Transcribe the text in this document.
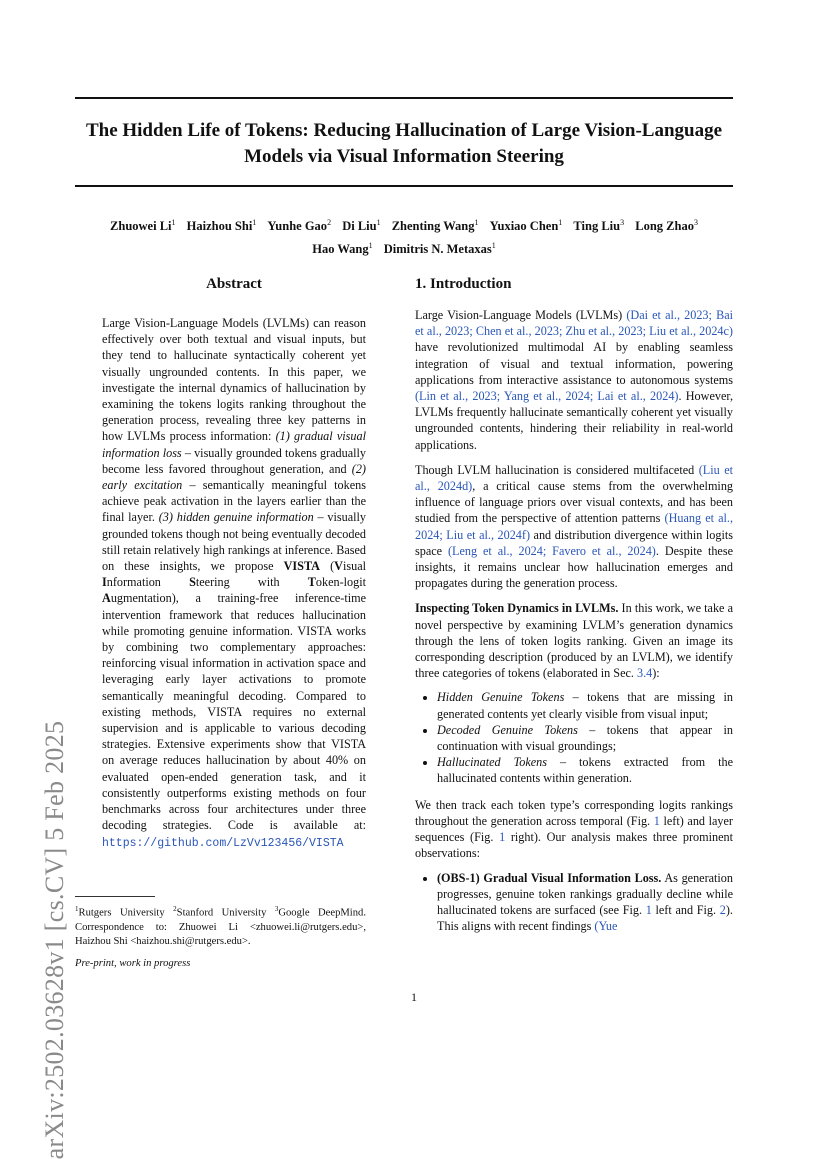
The Hidden Life of Tokens: Reducing Hallucination of Large Vision-Language
Models via Visual Information Steering
Zhuowei Li$^1$ Haizhou Shi$^1$ Yunhe Gao$^2$ Di Liu$^1$ Zhenting Wang$^1$ Yuxiao Chen$^1$ Ting Liu$^3$ Long Zhao$^3$
Hao Wang$^1$ Dimitris N. Metaxas$^1$
arXiv:2502.03628v1 [cs.CV] 5 Feb 2025
Abstract

Large Vision-Language Models (LVLMs) can reason effectively over both textual and visual inputs, but they tend to hallucinate syntactically coherent yet visually ungrounded contents. In this paper, we investigate the internal dynamics of hallucination by examining the tokens logits ranking throughout the generation process, revealing three key patterns in how LVLMs process information: (1) gradual visual information loss – visually grounded tokens gradually become less favored throughout generation, and (2) early excitation – semantically meaningful tokens achieve peak activation in the layers earlier than the final layer. (3) hidden genuine information – visually grounded tokens though not being eventually decoded still retain relatively high rankings at inference. Based on these insights, we propose VISTA (Visual Information Steering with Token-logit Augmentation), a training-free inference-time intervention framework that reduces hallucination while promoting genuine information. VISTA works by combining two complementary approaches: reinforcing visual information in activation space and leveraging early layer activations to promote semantically meaningful decoding. Compared to existing methods, VISTA requires no external supervision and is applicable to various decoding strategies. Extensive experiments show that VISTA on average reduces hallucination by about 40% on evaluated open-ended generation task, and it consistently outperforms existing methods on four benchmarks across four architectures under three decoding strategies. Code is available at: https://github.com/LzVv123456/VISTA

$^1$Rutgers University $^2$Stanford University $^3$Google DeepMind. Correspondence to: Zhuowei Li <zhuowei.li@rutgers.edu>, Haizhou Shi <haizhou.shi@rutgers.edu>.
Pre-print, work in progress
1. Introduction

Large Vision-Language Models (LVLMs) (Dai et al., 2023; Bai et al., 2023; Chen et al., 2023; Zhu et al., 2023; Liu et al., 2024c) have revolutionized multimodal AI by enabling seamless integration of visual and textual information, powering applications from interactive assistance to autonomous systems (Lin et al., 2023; Yang et al., 2024; Lai et al., 2024). However, LVLMs frequently hallucinate semantically coherent yet visually ungrounded contents, hindering their reliability in real-world applications.

Though LVLM hallucination is considered multifaceted (Liu et al., 2024d), a critical cause stems from the overwhelming influence of language priors over visual contexts, and has been studied from the perspective of attention patterns (Huang et al., 2024; Liu et al., 2024f) and distribution divergence within logits space (Leng et al., 2024; Favero et al., 2024). Despite these insights, it remains unclear how hallucination emerges and propagates during the generation process.

Inspecting Token Dynamics in LVLMs. In this work, we take a novel perspective by examining LVLM’s generation dynamics through the lens of token logits ranking. Given an image its corresponding description (produced by an LVLM), we identify three categories of tokens (elaborated in Sec. 3.4):

• Hidden Genuine Tokens – tokens that are missing in generated contents yet clearly visible from visual input;
• Decoded Genuine Tokens – tokens that appear in continuation with visual groundings;
• Hallucinated Tokens – tokens extracted from the hallucinated contents within generation.

We then track each token type’s corresponding logits rankings throughout the generation across temporal (Fig. 1 left) and layer sequences (Fig. 1 right). Our analysis makes three prominent observations:

• (OBS-1) Gradual Visual Information Loss. As generation progresses, genuine token rankings gradually decline while hallucinated tokens are surfaced (see Fig. 1 left and Fig. 2). This aligns with recent findings (Yue
1
